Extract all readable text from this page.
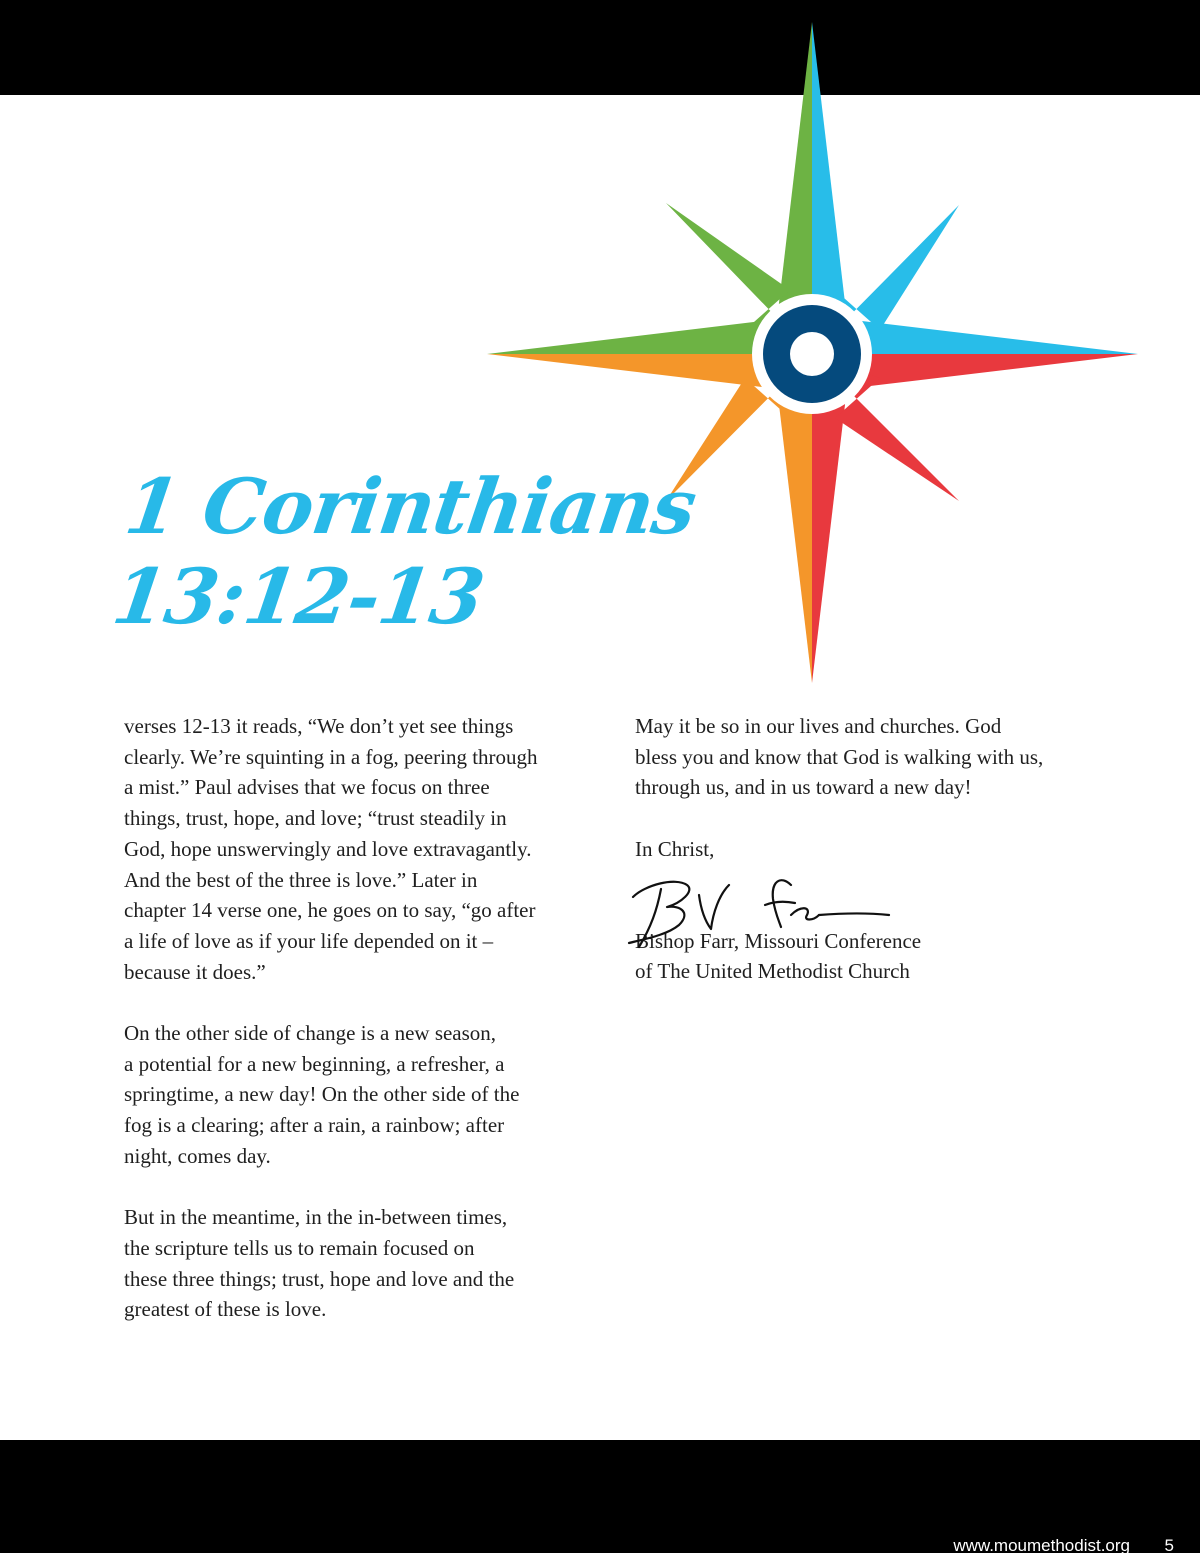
1 Corinthians
13:12-13

verses 12-13 it reads, “We don’t yet see things
clearly. We’re squinting in a fog, peering through
a mist.” Paul advises that we focus on three
things, trust, hope, and love; “trust steadily in
God, hope unswervingly and love extravagantly.
And the best of the three is love.” Later in
chapter 14 verse one, he goes on to say, “go after
a life of love as if your life depended on it –
because it does.”

On the other side of change is a new season,
a potential for a new beginning, a refresher, a
springtime, a new day! On the other side of the
fog is a clearing; after a rain, a rainbow; after
night, comes day.

But in the meantime, in the in-between times,
the scripture tells us to remain focused on
these three things; trust, hope and love and the
greatest of these is love.

May it be so in our lives and churches. God
bless you and know that God is walking with us,
through us, and in us toward a new day!

In Christ,

Bishop Farr, Missouri Conference
of The United Methodist Church

www.moumethodist.org 5
